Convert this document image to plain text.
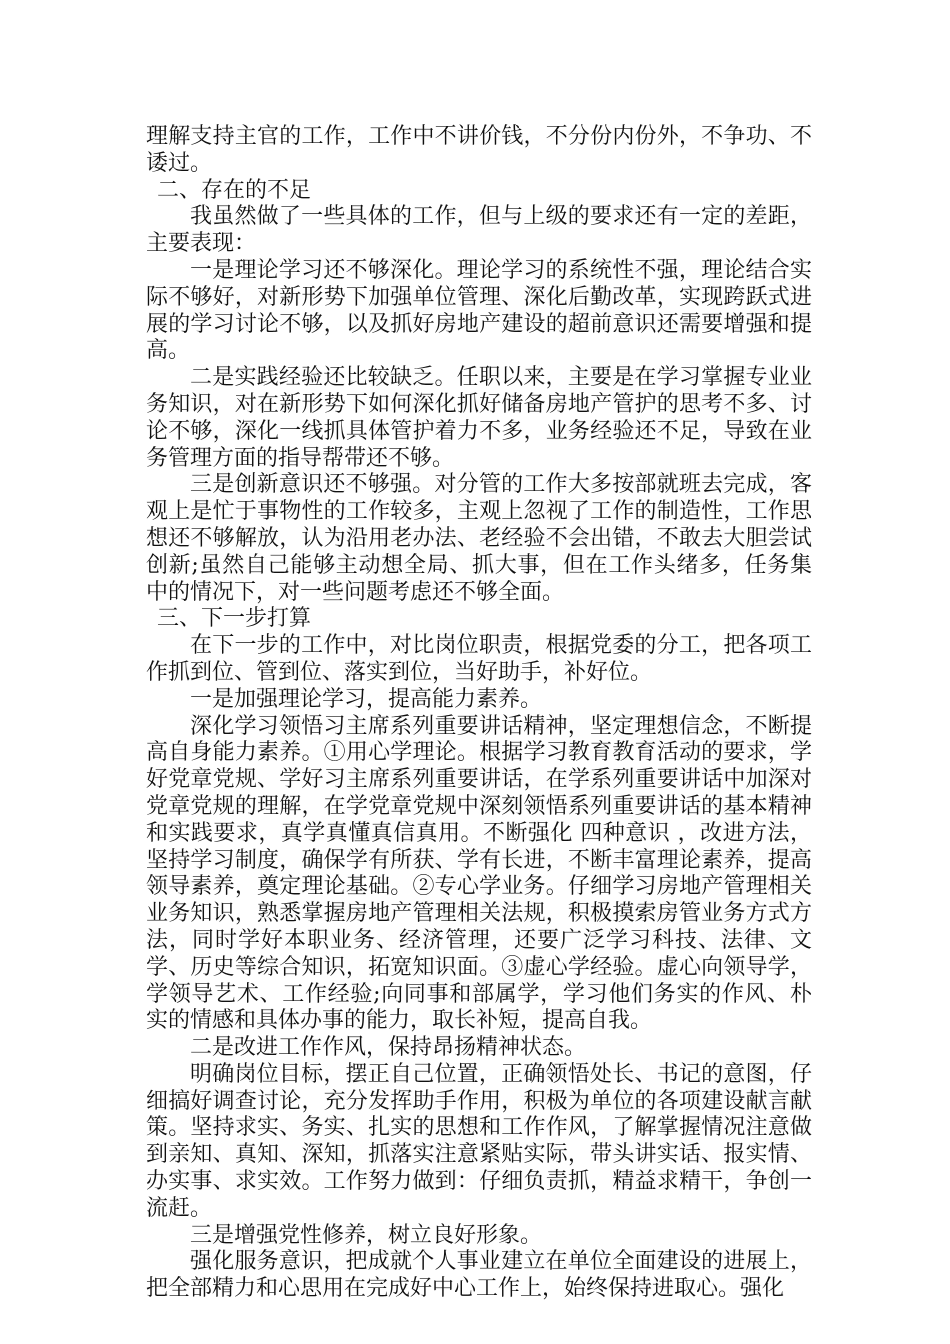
理解支持主官的工作，工作中不讲价钱，不分份内份外，不争功、不诿过。

二、存在的不足

我虽然做了一些具体的工作，但与上级的要求还有一定的差距，主要表现：

一是理论学习还不够深化。理论学习的系统性不强，理论结合实际不够好，对新形势下加强单位管理、深化后勤改革，实现跨跃式进展的学习讨论不够，以及抓好房地产建设的超前意识还需要增强和提高。

二是实践经验还比较缺乏。任职以来，主要是在学习掌握专业业务知识，对在新形势下如何深化抓好储备房地产管护的思考不多、讨论不够，深化一线抓具体管护着力不多，业务经验还不足，导致在业务管理方面的指导帮带还不够。

三是创新意识还不够强。对分管的工作大多按部就班去完成，客观上是忙于事物性的工作较多，主观上忽视了工作的制造性，工作思想还不够解放，认为沿用老办法、老经验不会出错，不敢去大胆尝试创新;虽然自己能够主动想全局、抓大事，但在工作头绪多，任务集中的情况下，对一些问题考虑还不够全面。

三、下一步打算

在下一步的工作中，对比岗位职责，根据党委的分工，把各项工作抓到位、管到位、落实到位，当好助手，补好位。

一是加强理论学习，提高能力素养。

深化学习领悟习主席系列重要讲话精神，坚定理想信念，不断提高自身能力素养。①用心学理论。根据学习教育教育活动的要求，学好党章党规、学好习主席系列重要讲话，在学系列重要讲话中加深对党章党规的理解，在学党章党规中深刻领悟系列重要讲话的基本精神和实践要求，真学真懂真信真用。不断强化 四种意识 ，改进方法，坚持学习制度，确保学有所获、学有长进，不断丰富理论素养，提高领导素养，奠定理论基础。②专心学业务。仔细学习房地产管理相关业务知识，熟悉掌握房地产管理相关法规，积极摸索房管业务方式方法，同时学好本职业务、经济管理，还要广泛学习科技、法律、文学、历史等综合知识，拓宽知识面。③虚心学经验。虚心向领导学，学领导艺术、工作经验;向同事和部属学，学习他们务实的作风、朴实的情感和具体办事的能力，取长补短，提高自我。

二是改进工作作风，保持昂扬精神状态。

明确岗位目标，摆正自己位置，正确领悟处长、书记的意图，仔细搞好调查讨论，充分发挥助手作用，积极为单位的各项建设献言献策。坚持求实、务实、扎实的思想和工作作风，了解掌握情况注意做到亲知、真知、深知，抓落实注意紧贴实际，带头讲实话、报实情、办实事、求实效。工作努力做到：仔细负责抓，精益求精干，争创一流赶。

三是增强党性修养，树立良好形象。

强化服务意识，把成就个人事业建立在单位全面建设的进展上，把全部精力和心思用在完成好中心工作上，始终保持进取心。强化
